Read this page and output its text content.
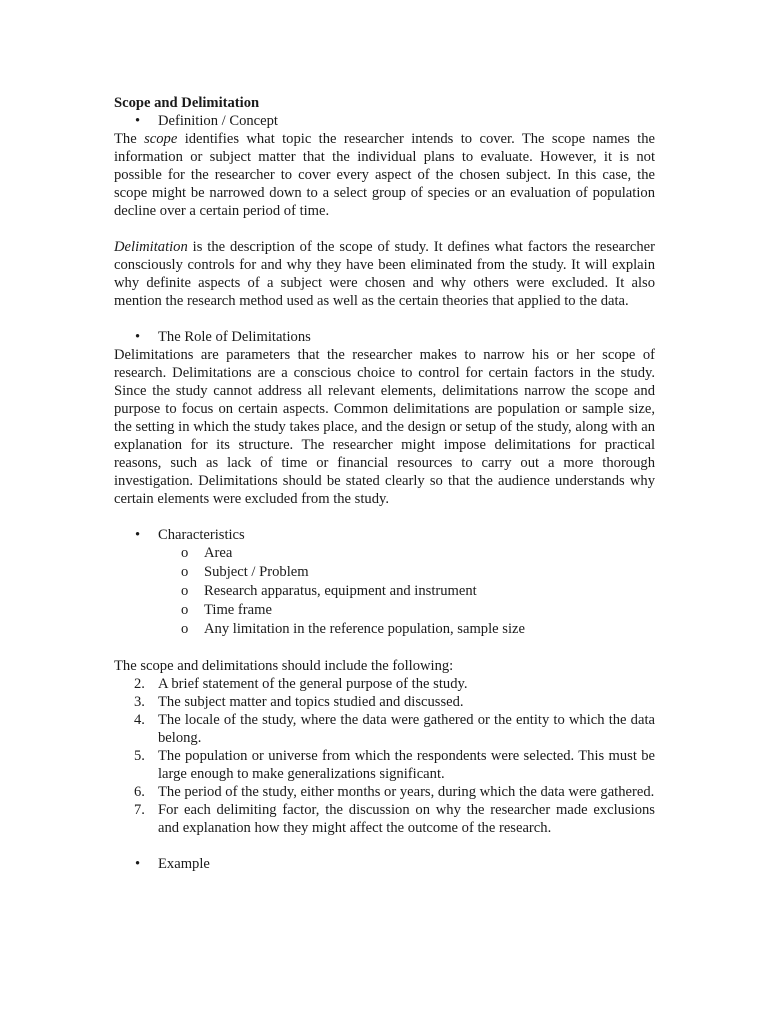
Scope and Delimitation

• Definition / Concept

The scope identifies what topic the researcher intends to cover. The scope names the information or subject matter that the individual plans to evaluate. However, it is not possible for the researcher to cover every aspect of the chosen subject. In this case, the scope might be narrowed down to a select group of species or an evaluation of population decline over a certain period of time.

Delimitation is the description of the scope of study. It defines what factors the researcher consciously controls for and why they have been eliminated from the study. It will explain why definite aspects of a subject were chosen and why others were excluded. It also mention the research method used as well as the certain theories that applied to the data.

• The Role of Delimitations

Delimitations are parameters that the researcher makes to narrow his or her scope of research. Delimitations are a conscious choice to control for certain factors in the study. Since the study cannot address all relevant elements, delimitations narrow the scope and purpose to focus on certain aspects. Common delimitations are population or sample size, the setting in which the study takes place, and the design or setup of the study, along with an explanation for its structure. The researcher might impose delimitations for practical reasons, such as lack of time or financial resources to carry out a more thorough investigation. Delimitations should be stated clearly so that the audience understands why certain elements were excluded from the study.

• Characteristics

o Area
o Subject / Problem
o Research apparatus, equipment and instrument
o Time frame
o Any limitation in the reference population, sample size

The scope and delimitations should include the following:

2. A brief statement of the general purpose of the study.
3. The subject matter and topics studied and discussed.
4. The locale of the study, where the data were gathered or the entity to which the data belong.
5. The population or universe from which the respondents were selected. This must be large enough to make generalizations significant.
6. The period of the study, either months or years, during which the data were gathered.
7. For each delimiting factor, the discussion on why the researcher made exclusions and explanation how they might affect the outcome of the research.

• Example
